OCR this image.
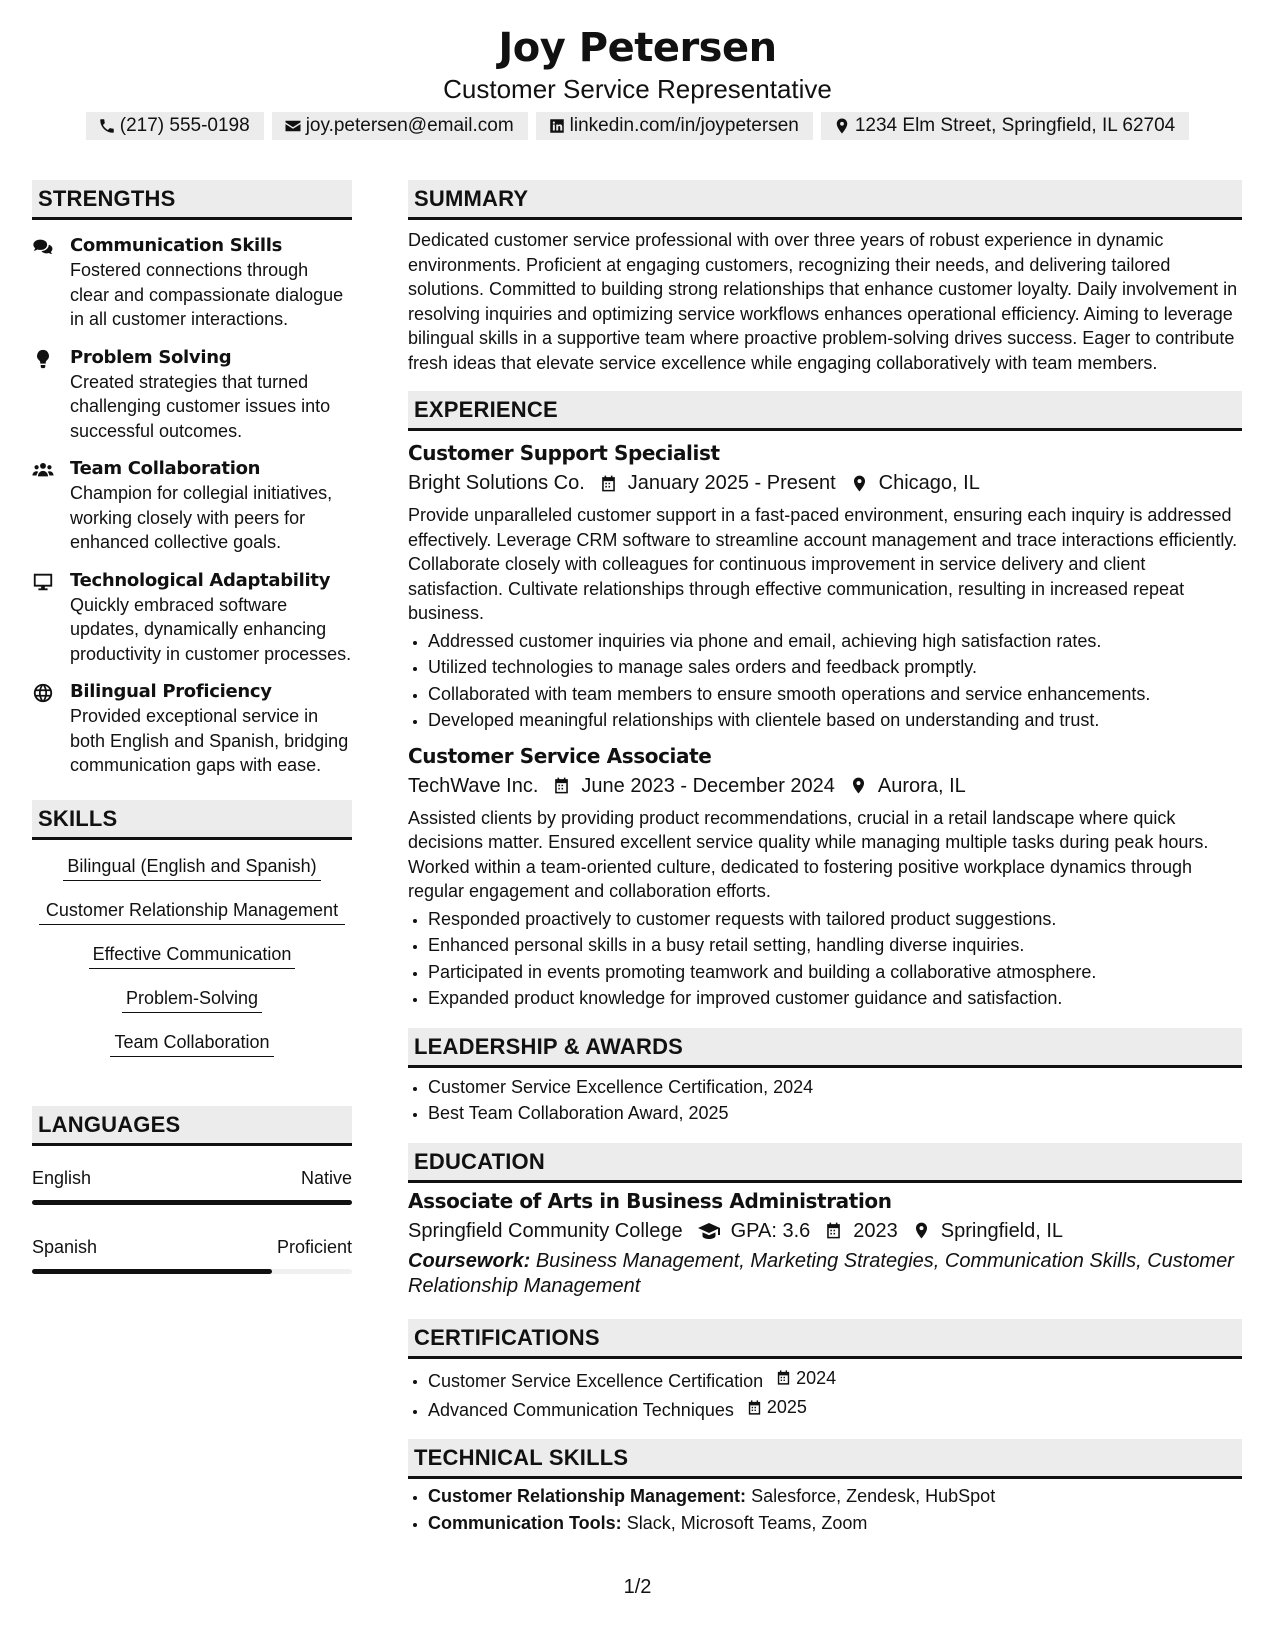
Joy Petersen
Customer Service Representative
(217) 555-0198	joy.petersen@email.com	linkedin.com/in/joypetersen	1234 Elm Street, Springfield, IL 62704
STRENGTHS
Communication Skills
Fostered connections through clear and compassionate dialogue in all customer interactions.
Problem Solving
Created strategies that turned challenging customer issues into successful outcomes.
Team Collaboration
Champion for collegial initiatives, working closely with peers for enhanced collective goals.
Technological Adaptability
Quickly embraced software updates, dynamically enhancing productivity in customer processes.
Bilingual Proficiency
Provided exceptional service in both English and Spanish, bridging communication gaps with ease.
SKILLS
Bilingual (English and Spanish)
Customer Relationship Management
Effective Communication
Problem-Solving
Team Collaboration
LANGUAGES
English	Native
Spanish	Proficient
SUMMARY
Dedicated customer service professional with over three years of robust experience in dynamic environments. Proficient at engaging customers, recognizing their needs, and delivering tailored solutions. Committed to building strong relationships that enhance customer loyalty. Daily involvement in resolving inquiries and optimizing service workflows enhances operational efficiency. Aiming to leverage bilingual skills in a supportive team where proactive problem-solving drives success. Eager to contribute fresh ideas that elevate service excellence while engaging collaboratively with team members.
EXPERIENCE
Customer Support Specialist
Bright Solutions Co. January 2025 - Present Chicago, IL
Provide unparalleled customer support in a fast-paced environment, ensuring each inquiry is addressed effectively. Leverage CRM software to streamline account management and trace interactions efficiently. Collaborate closely with colleagues for continuous improvement in service delivery and client satisfaction. Cultivate relationships through effective communication, resulting in increased repeat business.
• Addressed customer inquiries via phone and email, achieving high satisfaction rates.
• Utilized technologies to manage sales orders and feedback promptly.
• Collaborated with team members to ensure smooth operations and service enhancements.
• Developed meaningful relationships with clientele based on understanding and trust.
Customer Service Associate
TechWave Inc. June 2023 - December 2024 Aurora, IL
Assisted clients by providing product recommendations, crucial in a retail landscape where quick decisions matter. Ensured excellent service quality while managing multiple tasks during peak hours. Worked within a team-oriented culture, dedicated to fostering positive workplace dynamics through regular engagement and collaboration efforts.
• Responded proactively to customer requests with tailored product suggestions.
• Enhanced personal skills in a busy retail setting, handling diverse inquiries.
• Participated in events promoting teamwork and building a collaborative atmosphere.
• Expanded product knowledge for improved customer guidance and satisfaction.
LEADERSHIP & AWARDS
• Customer Service Excellence Certification, 2024
• Best Team Collaboration Award, 2025
EDUCATION
Associate of Arts in Business Administration
Springfield Community College GPA: 3.6 2023 Springfield, IL
Coursework: Business Management, Marketing Strategies, Communication Skills, Customer Relationship Management
CERTIFICATIONS
• Customer Service Excellence Certification 2024
• Advanced Communication Techniques 2025
TECHNICAL SKILLS
• Customer Relationship Management: Salesforce, Zendesk, HubSpot
• Communication Tools: Slack, Microsoft Teams, Zoom
1/2
